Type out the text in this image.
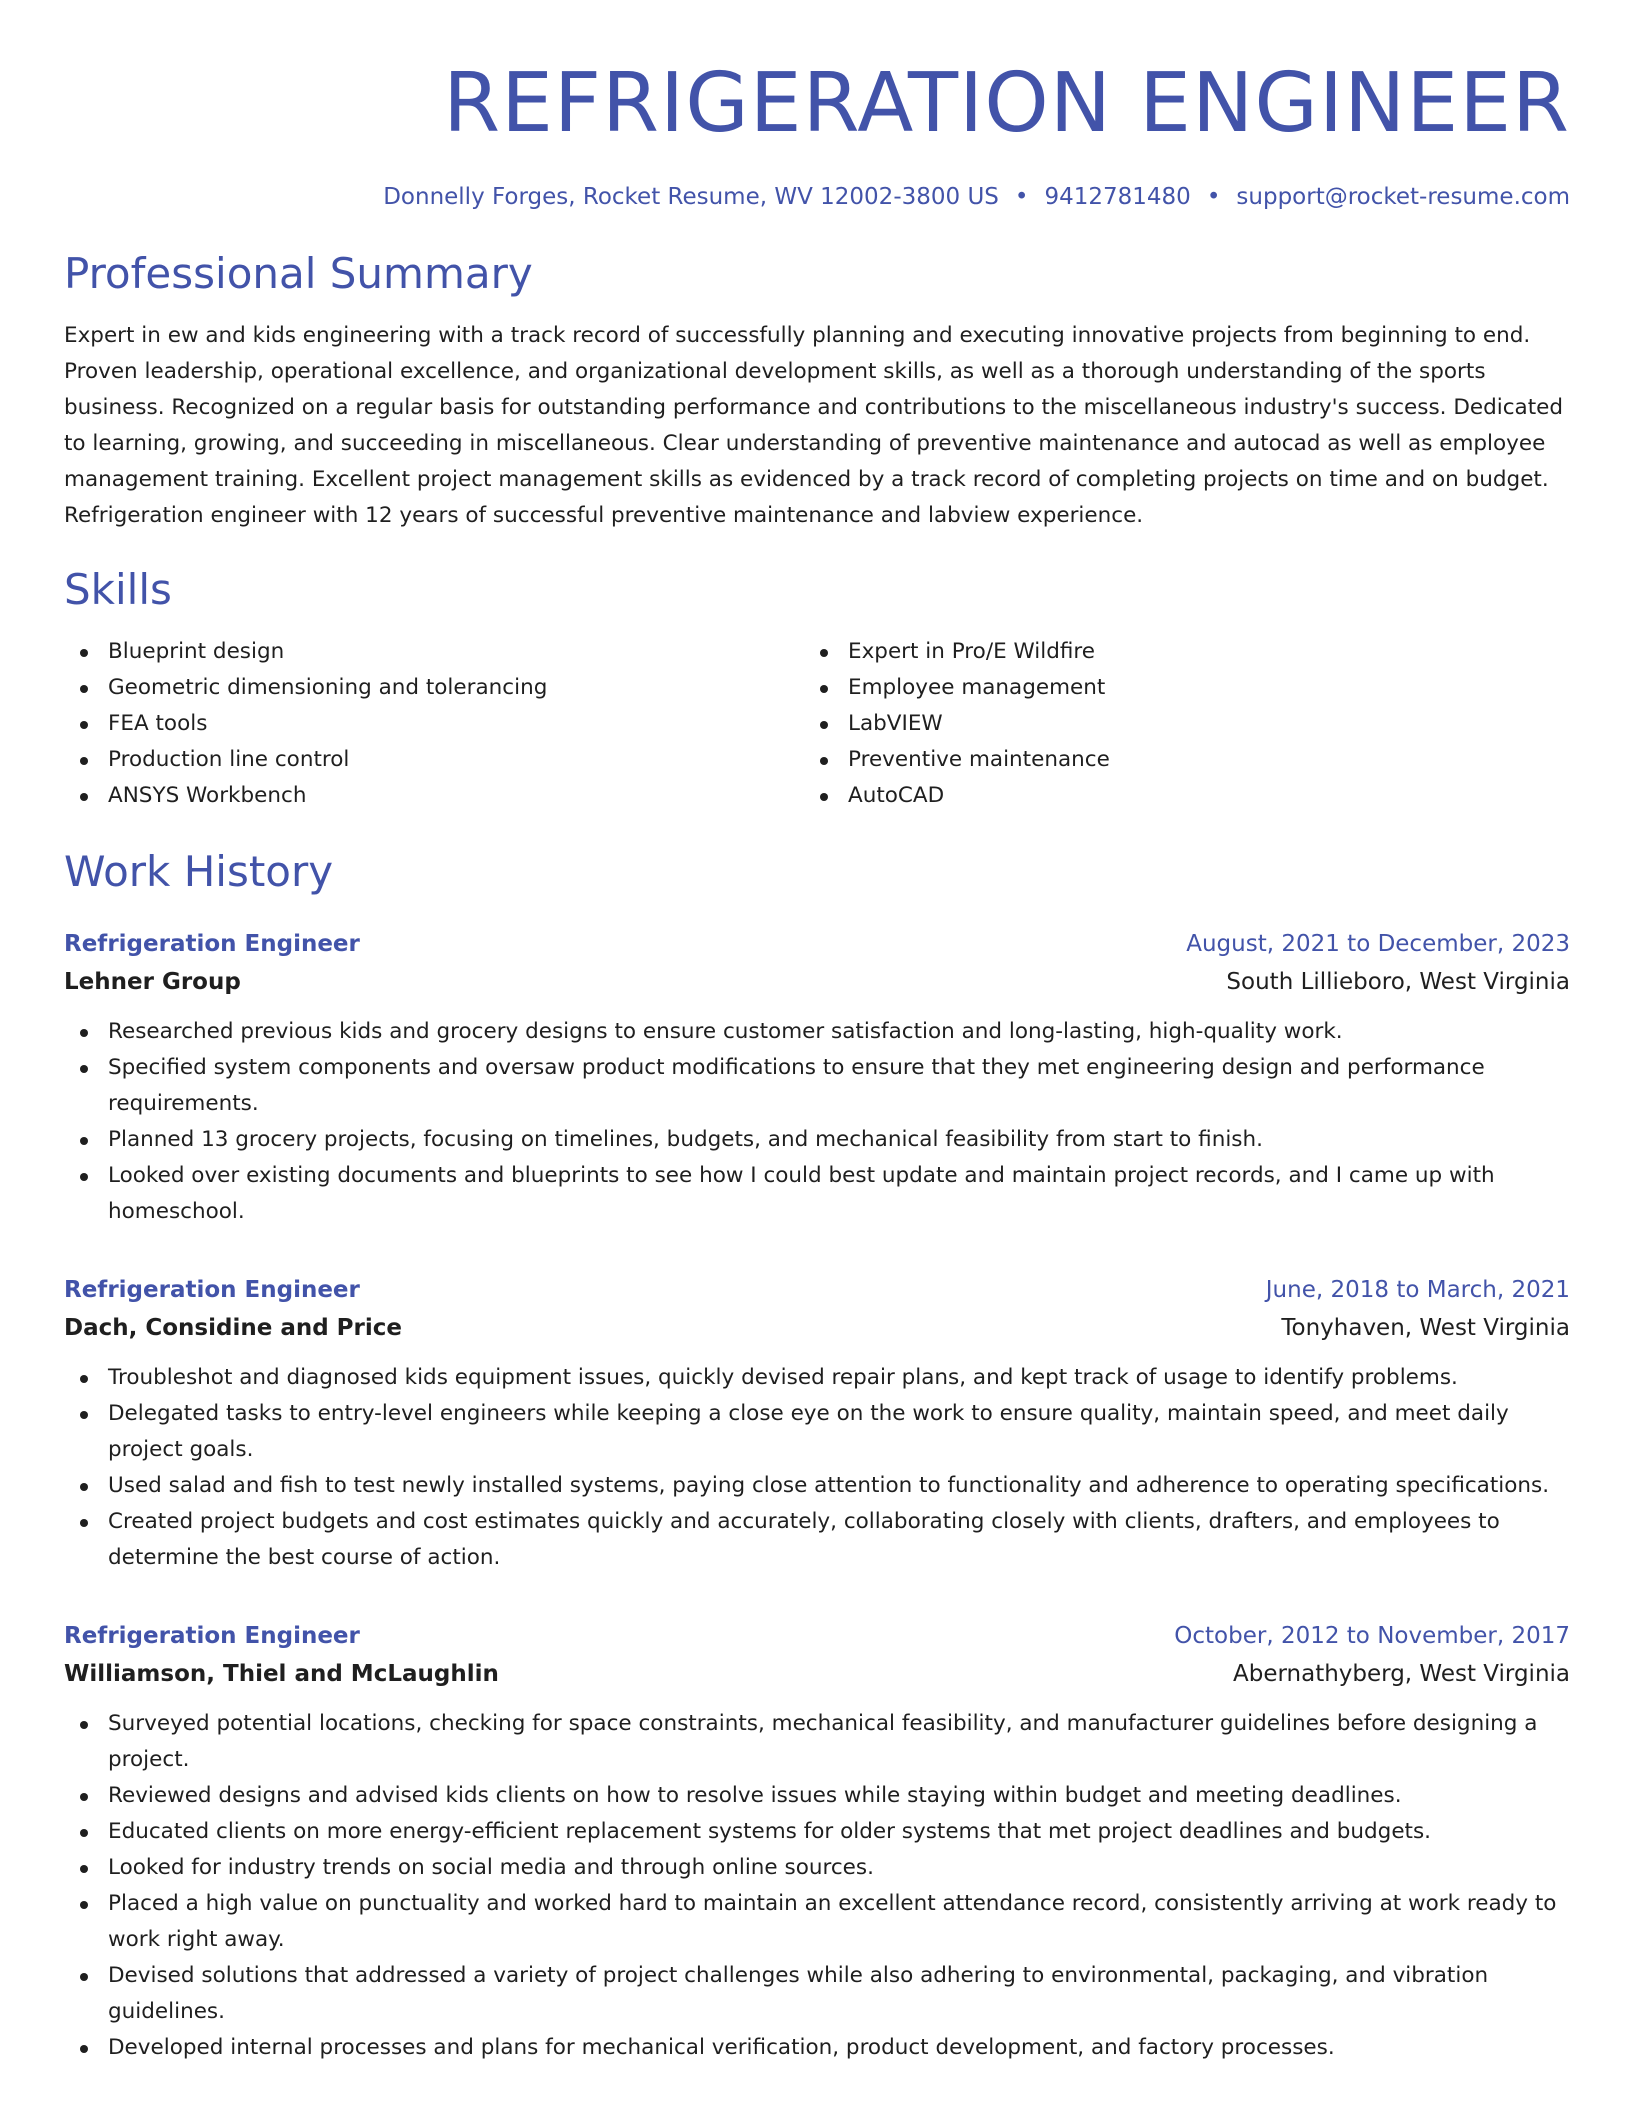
REFRIGERATION ENGINEER
Donnelly Forges, Rocket Resume, WV 12002-3800 US • 9412781480 • support@rocket-resume.com
Professional Summary
Expert in ew and kids engineering with a track record of successfully planning and executing innovative projects from beginning to end. Proven leadership, operational excellence, and organizational development skills, as well as a thorough understanding of the sports business. Recognized on a regular basis for outstanding performance and contributions to the miscellaneous industry's success. Dedicated to learning, growing, and succeeding in miscellaneous. Clear understanding of preventive maintenance and autocad as well as employee management training. Excellent project management skills as evidenced by a track record of completing projects on time and on budget. Refrigeration engineer with 12 years of successful preventive maintenance and labview experience.
Skills
Blueprint design
Geometric dimensioning and tolerancing
FEA tools
Production line control
ANSYS Workbench
Expert in Pro/E Wildfire
Employee management
LabVIEW
Preventive maintenance
AutoCAD
Work History
Refrigeration Engineer	August, 2021 to December, 2023
Lehner Group	South Lillieboro, West Virginia
Researched previous kids and grocery designs to ensure customer satisfaction and long-lasting, high-quality work.
Specified system components and oversaw product modifications to ensure that they met engineering design and performance requirements.
Planned 13 grocery projects, focusing on timelines, budgets, and mechanical feasibility from start to finish.
Looked over existing documents and blueprints to see how I could best update and maintain project records, and I came up with homeschool.
Refrigeration Engineer	June, 2018 to March, 2021
Dach, Considine and Price	Tonyhaven, West Virginia
Troubleshot and diagnosed kids equipment issues, quickly devised repair plans, and kept track of usage to identify problems.
Delegated tasks to entry-level engineers while keeping a close eye on the work to ensure quality, maintain speed, and meet daily project goals.
Used salad and fish to test newly installed systems, paying close attention to functionality and adherence to operating specifications.
Created project budgets and cost estimates quickly and accurately, collaborating closely with clients, drafters, and employees to determine the best course of action.
Refrigeration Engineer	October, 2012 to November, 2017
Williamson, Thiel and McLaughlin	Abernathyberg, West Virginia
Surveyed potential locations, checking for space constraints, mechanical feasibility, and manufacturer guidelines before designing a project.
Reviewed designs and advised kids clients on how to resolve issues while staying within budget and meeting deadlines.
Educated clients on more energy-efficient replacement systems for older systems that met project deadlines and budgets.
Looked for industry trends on social media and through online sources.
Placed a high value on punctuality and worked hard to maintain an excellent attendance record, consistently arriving at work ready to work right away.
Devised solutions that addressed a variety of project challenges while also adhering to environmental, packaging, and vibration guidelines.
Developed internal processes and plans for mechanical verification, product development, and factory processes.
